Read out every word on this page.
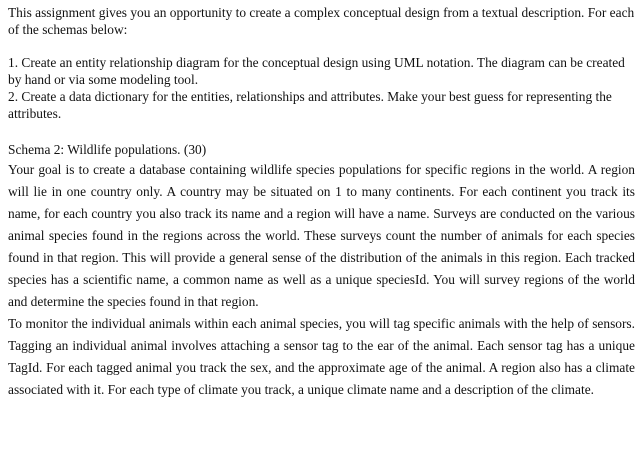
This assignment gives you an opportunity to create a complex conceptual design from a textual description. For each of the schemas below:

1. Create an entity relationship diagram for the conceptual design using UML notation. The diagram can be created by hand or via some modeling tool.

2. Create a data dictionary for the entities, relationships and attributes. Make your best guess for representing the attributes.

Schema 2: Wildlife populations. (30)

Your goal is to create a database containing wildlife species populations for specific regions in the world. A region will lie in one country only. A country may be situated on 1 to many continents. For each continent you track its name, for each country you also track its name and a region will have a name. Surveys are conducted on the various animal species found in the regions across the world. These surveys count the number of animals for each species found in that region. This will provide a general sense of the distribution of the animals in this region. Each tracked species has a scientific name, a common name as well as a unique speciesId. You will survey regions of the world and determine the species found in that region.

To monitor the individual animals within each animal species, you will tag specific animals with the help of sensors. Tagging an individual animal involves attaching a sensor tag to the ear of the animal. Each sensor tag has a unique TagId. For each tagged animal you track the sex, and the approximate age of the animal. A region also has a climate associated with it. For each type of climate you track, a unique climate name and a description of the climate.
